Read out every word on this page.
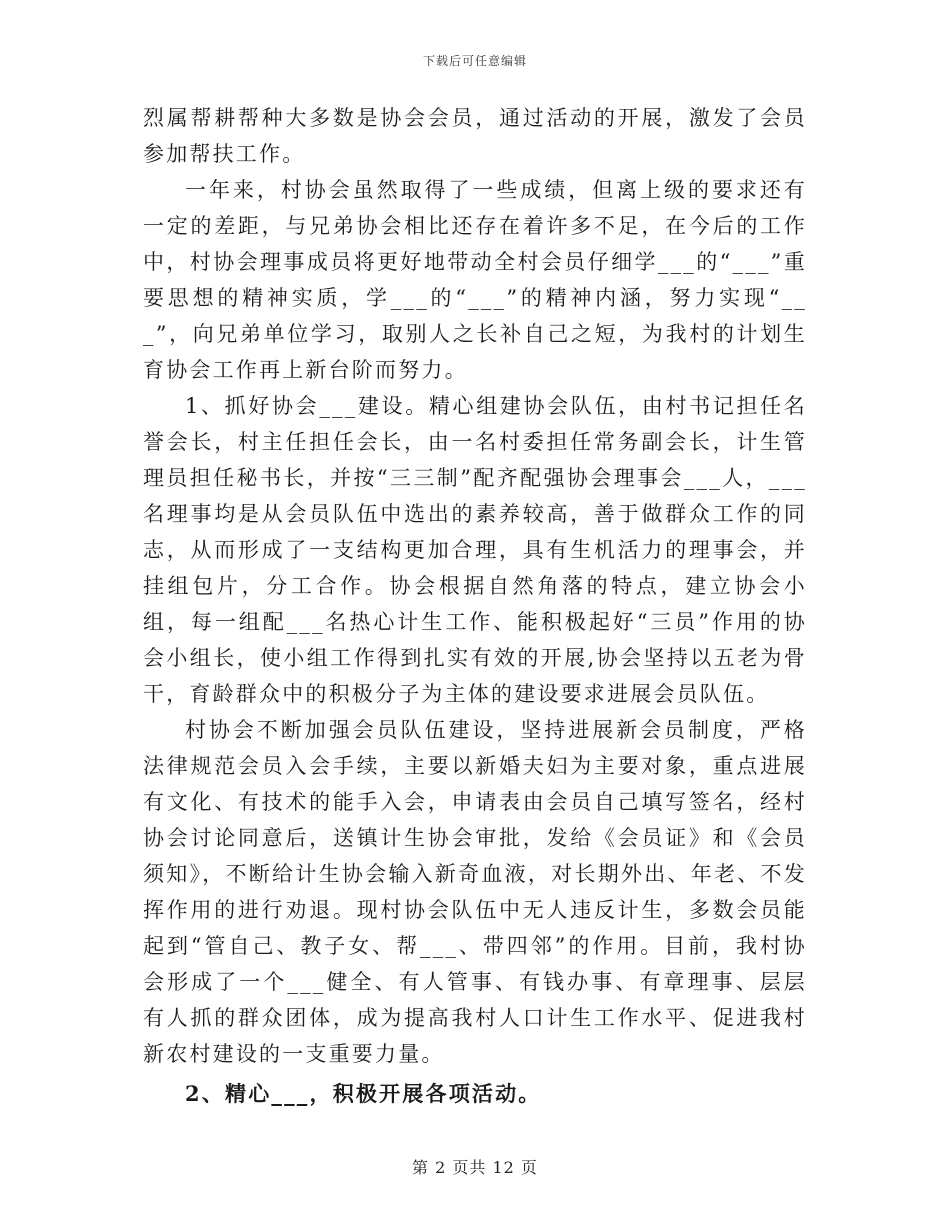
下载后可任意编辑

烈属帮耕帮种大多数是协会会员，通过活动的开展，激发了会员参加帮扶工作。

一年来，村协会虽然取得了一些成绩，但离上级的要求还有一定的差距，与兄弟协会相比还存在着许多不足，在今后的工作中，村协会理事成员将更好地带动全村会员仔细学___的“___”重要思想的精神实质，学___的“___”的精神内涵，努力实现“___”，向兄弟单位学习，取别人之长补自己之短，为我村的计划生育协会工作再上新台阶而努力。

1、抓好协会___建设。精心组建协会队伍，由村书记担任名誉会长，村主任担任会长，由一名村委担任常务副会长，计生管理员担任秘书长，并按“三三制”配齐配强协会理事会___人，___名理事均是从会员队伍中选出的素养较高，善于做群众工作的同志，从而形成了一支结构更加合理，具有生机活力的理事会，并挂组包片，分工合作。协会根据自然角落的特点，建立协会小组，每一组配___名热心计生工作、能积极起好“三员”作用的协会小组长，使小组工作得到扎实有效的开展,协会坚持以五老为骨干，育龄群众中的积极分子为主体的建设要求进展会员队伍。

村协会不断加强会员队伍建设，坚持进展新会员制度，严格法律规范会员入会手续，主要以新婚夫妇为主要对象，重点进展有文化、有技术的能手入会，申请表由会员自己填写签名，经村协会讨论同意后，送镇计生协会审批，发给《会员证》和《会员须知》，不断给计生协会输入新奇血液，对长期外出、年老、不发挥作用的进行劝退。现村协会队伍中无人违反计生，多数会员能起到“管自己、教子女、帮___、带四邻”的作用。目前，我村协会形成了一个___健全、有人管事、有钱办事、有章理事、层层有人抓的群众团体，成为提高我村人口计生工作水平、促进我村新农村建设的一支重要力量。

2、精心___，积极开展各项活动。

第 2 页共 12 页
